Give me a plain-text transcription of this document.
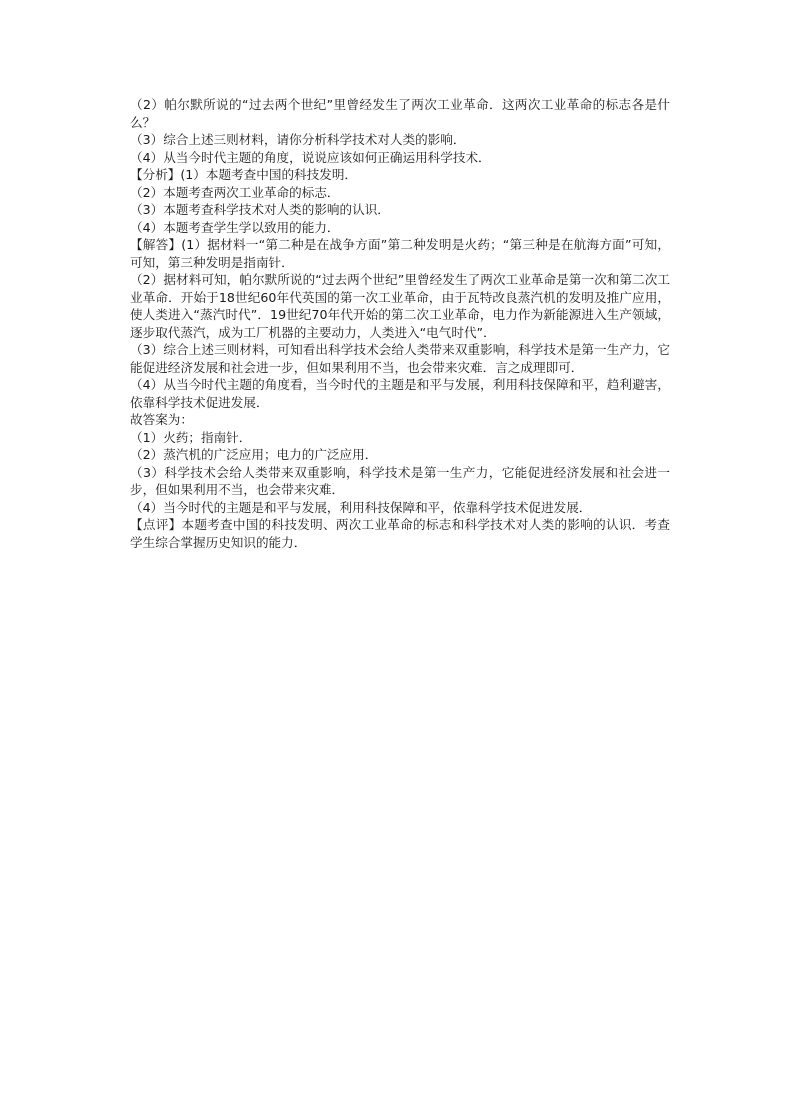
（2）帕尔默所说的“过去两个世纪”里曾经发生了两次工业革命．这两次工业革命的标志各是什么？

（3）综合上述三则材料，请你分析科学技术对人类的影响．

（4）从当今时代主题的角度，说说应该如何正确运用科学技术．

【分析】(1）本题考查中国的科技发明．

（2）本题考查两次工业革命的标志．

（3）本题考查科学技术对人类的影响的认识．

（4）本题考查学生学以致用的能力．

【解答】(1）据材料一“第二种是在战争方面”第二种发明是火药；“第三种是在航海方面”可知，可知，第三种发明是指南针．

（2）据材料可知，帕尔默所说的“过去两个世纪”里曾经发生了两次工业革命是第一次和第二次工业革命．开始于18世纪60年代英国的第一次工业革命，由于瓦特改良蒸汽机的发明及推广应用，使人类进入“蒸汽时代”．19世纪70年代开始的第二次工业革命，电力作为新能源进入生产领域，逐步取代蒸汽，成为工厂机器的主要动力，人类进入“电气时代”．

（3）综合上述三则材料，可知看出科学技术会给人类带来双重影响，科学技术是第一生产力，它能促进经济发展和社会进一步，但如果利用不当，也会带来灾难．言之成理即可．

（4）从当今时代主题的角度看，当今时代的主题是和平与发展，利用科技保障和平，趋利避害，依靠科学技术促进发展．

故答案为：

（1）火药；指南针．

（2）蒸汽机的广泛应用；电力的广泛应用．

（3）科学技术会给人类带来双重影响，科学技术是第一生产力，它能促进经济发展和社会进一步，但如果利用不当，也会带来灾难．

（4）当今时代的主题是和平与发展，利用科技保障和平，依靠科学技术促进发展．

【点评】本题考查中国的科技发明、两次工业革命的标志和科学技术对人类的影响的认识．考查学生综合掌握历史知识的能力．
